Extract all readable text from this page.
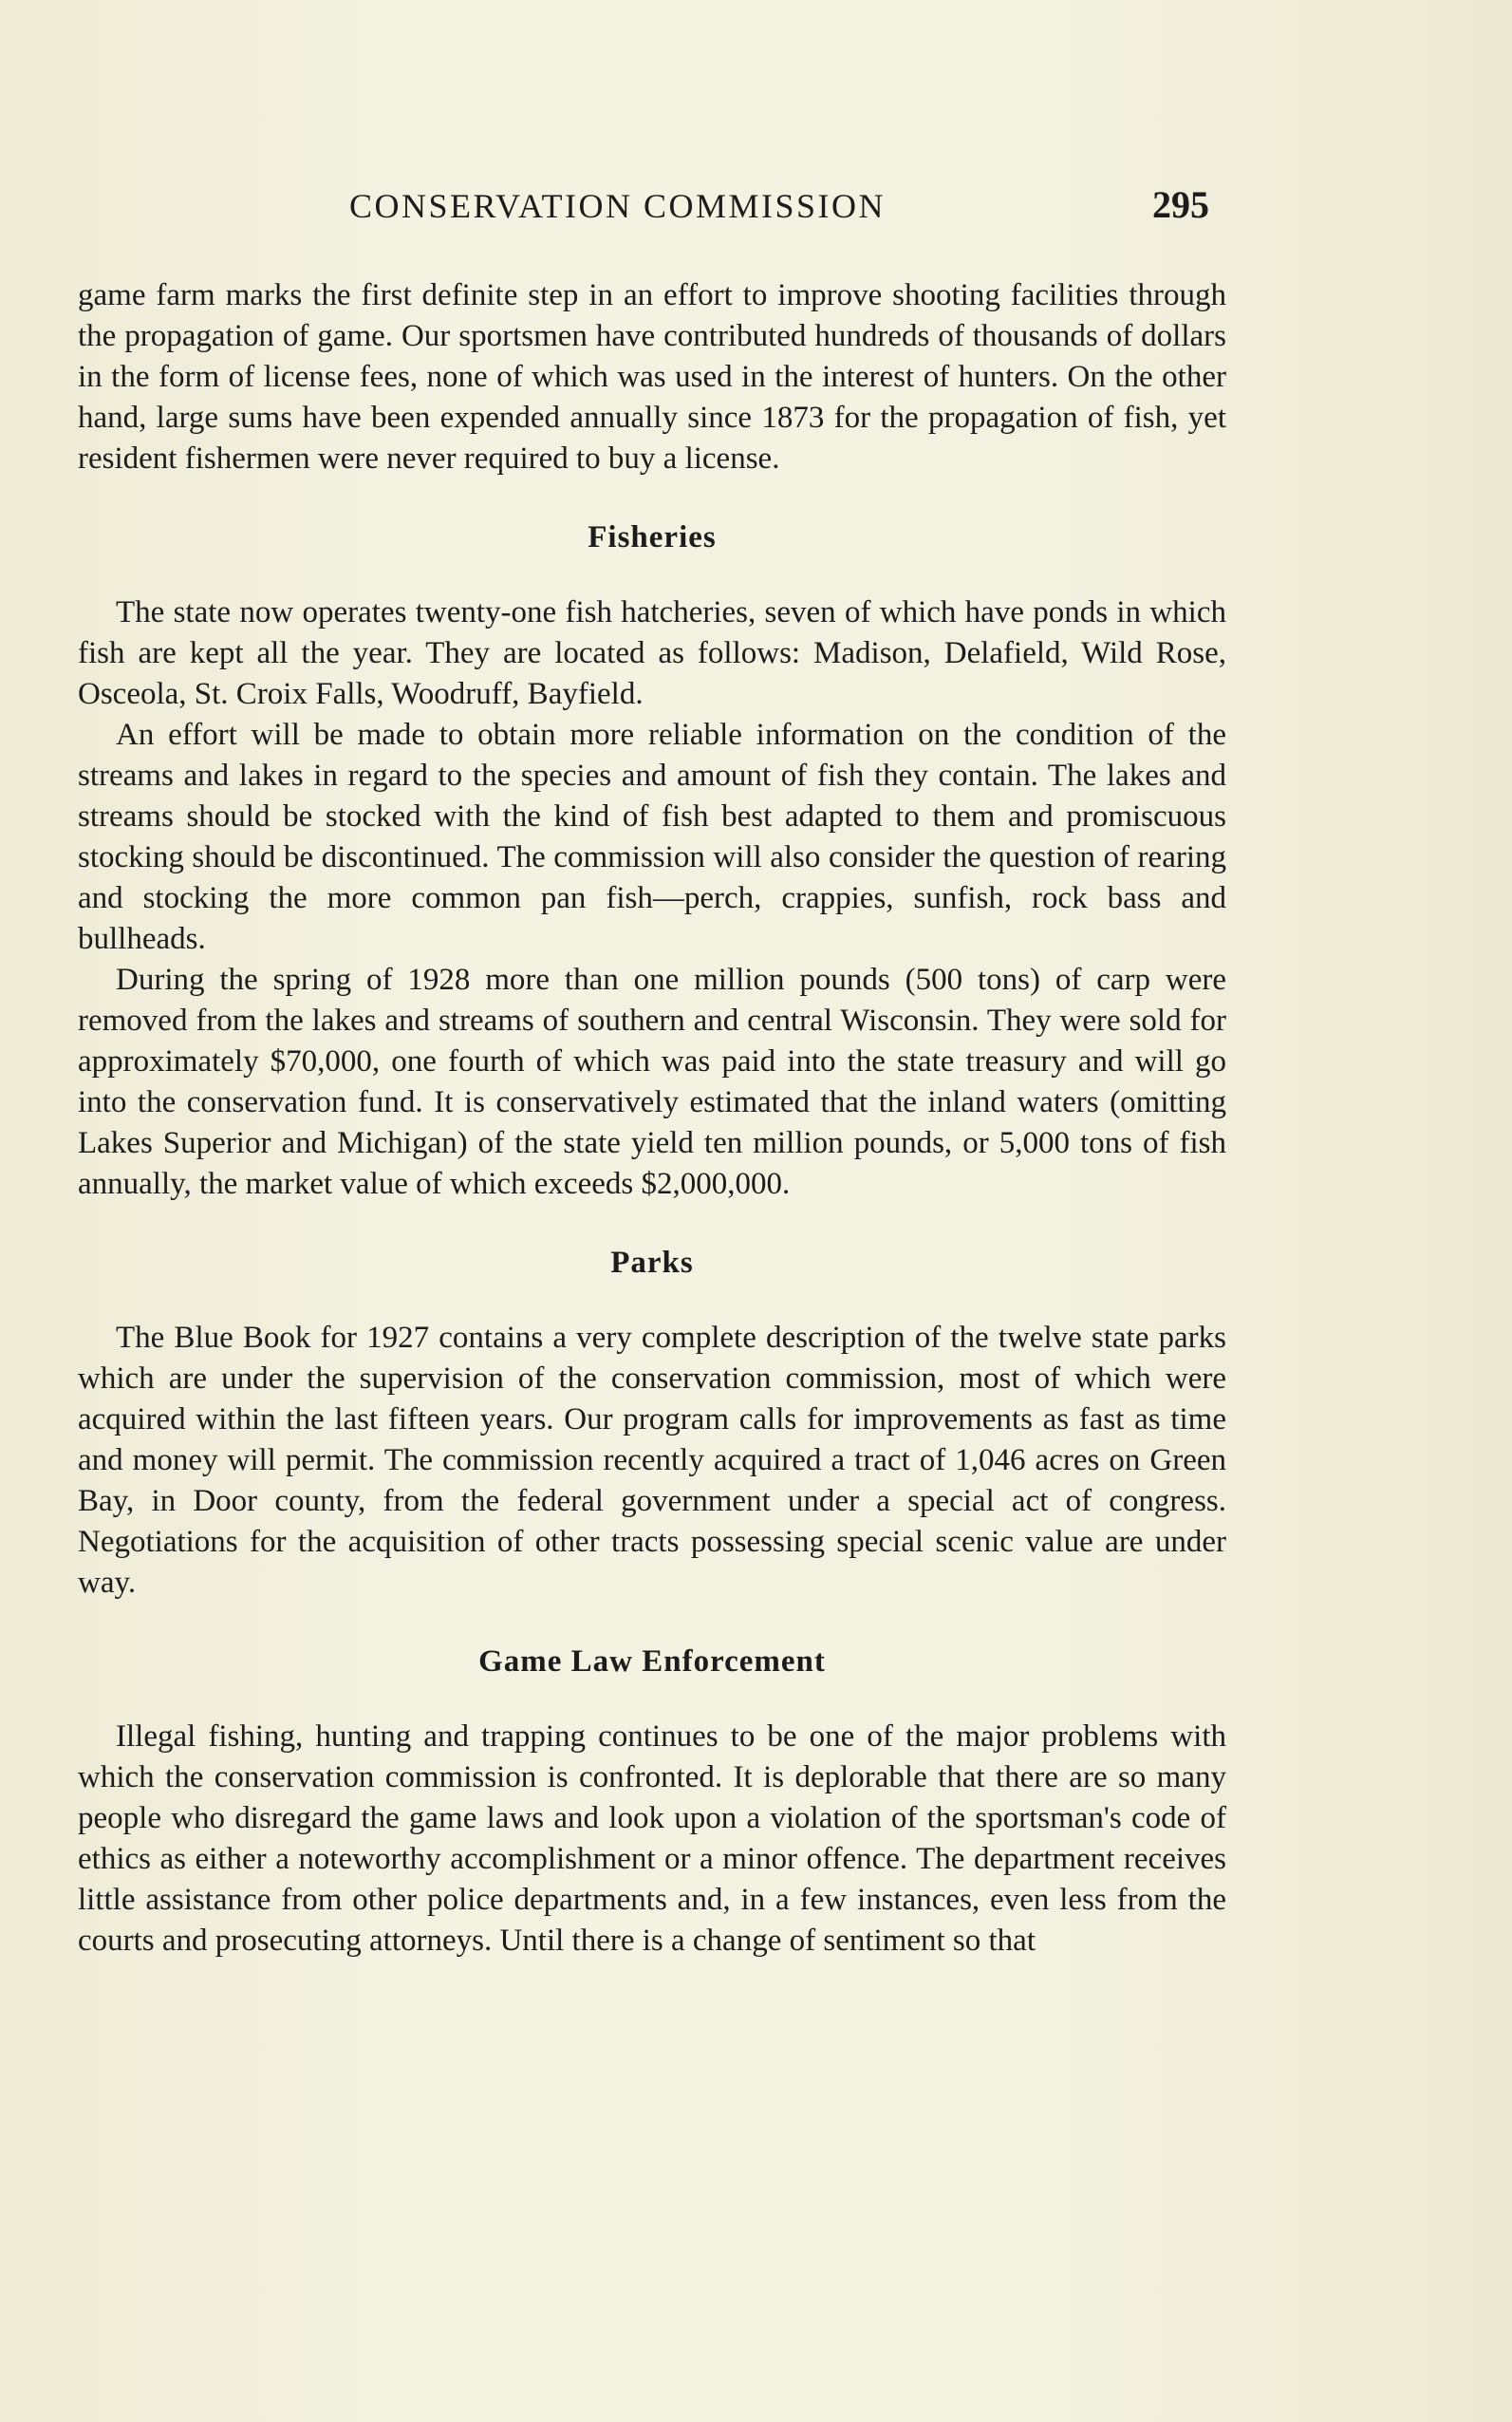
CONSERVATION COMMISSION	295

game farm marks the first definite step in an effort to improve shooting facilities through the propagation of game. Our sportsmen have contributed hundreds of thousands of dollars in the form of license fees, none of which was used in the interest of hunters. On the other hand, large sums have been expended annually since 1873 for the propagation of fish, yet resident fishermen were never required to buy a license.

Fisheries

The state now operates twenty-one fish hatcheries, seven of which have ponds in which fish are kept all the year. They are located as follows: Madison, Delafield, Wild Rose, Osceola, St. Croix Falls, Woodruff, Bayfield.

An effort will be made to obtain more reliable information on the condition of the streams and lakes in regard to the species and amount of fish they contain. The lakes and streams should be stocked with the kind of fish best adapted to them and promiscuous stocking should be discontinued. The commission will also consider the question of rearing and stocking the more common pan fish—perch, crappies, sunfish, rock bass and bullheads.

During the spring of 1928 more than one million pounds (500 tons) of carp were removed from the lakes and streams of southern and central Wisconsin. They were sold for approximately $70,000, one fourth of which was paid into the state treasury and will go into the conservation fund. It is conservatively estimated that the inland waters (omitting Lakes Superior and Michigan) of the state yield ten million pounds, or 5,000 tons of fish annually, the market value of which exceeds $2,000,000.

Parks

The Blue Book for 1927 contains a very complete description of the twelve state parks which are under the supervision of the conservation commission, most of which were acquired within the last fifteen years. Our program calls for improvements as fast as time and money will permit. The commission recently acquired a tract of 1,046 acres on Green Bay, in Door county, from the federal government under a special act of congress. Negotiations for the acquisition of other tracts possessing special scenic value are under way.

Game Law Enforcement

Illegal fishing, hunting and trapping continues to be one of the major problems with which the conservation commission is confronted. It is deplorable that there are so many people who disregard the game laws and look upon a violation of the sportsman's code of ethics as either a noteworthy accomplishment or a minor offence. The department receives little assistance from other police departments and, in a few instances, even less from the courts and prosecuting attorneys. Until there is a change of sentiment so that
